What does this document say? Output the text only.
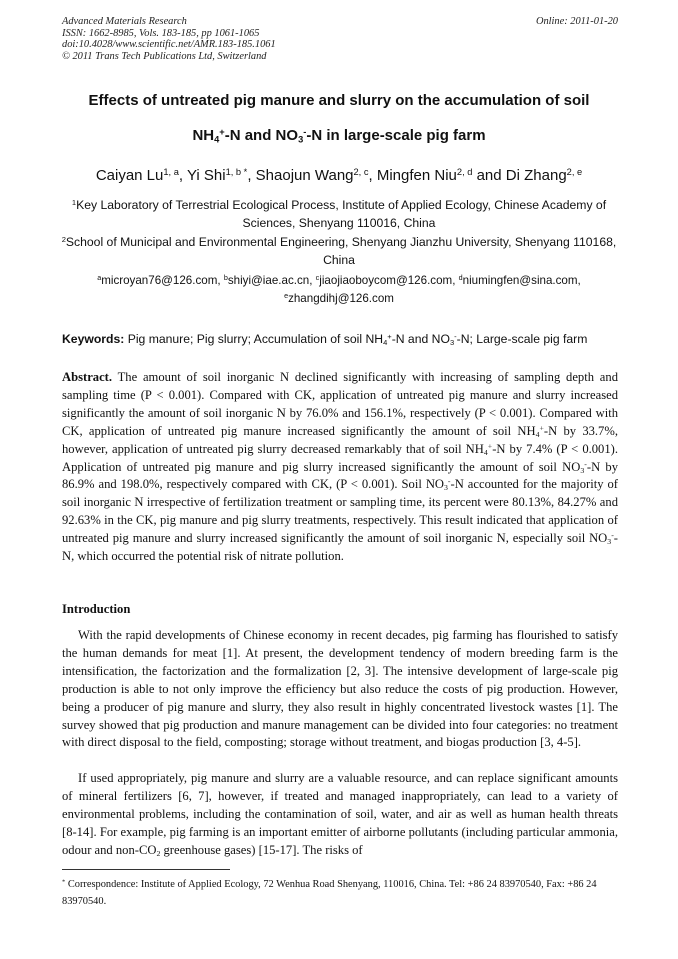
Advanced Materials Research
ISSN: 1662-8985, Vols. 183-185, pp 1061-1065
doi:10.4028/www.scientific.net/AMR.183-185.1061
© 2011 Trans Tech Publications Ltd, Switzerland
Online: 2011-01-20
Effects of untreated pig manure and slurry on the accumulation of soil
$NH_4^+-N$ and $NO_3^--N$ in large-scale pig farm
Caiyan Lu$^{1, a}$, Yi Shi$^{1, b *}$, Shaojun Wang$^{2, c}$, Mingfen Niu$^{2, d}$ and Di Zhang$^{2, e}$
$^1$Key Laboratory of Terrestrial Ecological Process, Institute of Applied Ecology, Chinese Academy of Sciences, Shenyang 110016, China
$^2$School of Municipal and Environmental Engineering, Shenyang Jianzhu University, Shenyang 110168, China
$^a$microyan76@126.com, $^b$shiyi@iae.ac.cn, $^c$jiaojiaoboycom@126.com, $^d$niumingfen@sina.com,
$^e$zhangdihj@126.com
Keywords: Pig manure; Pig slurry; Accumulation of soil $NH_4^+-N$ and $NO_3^--N$; Large-scale pig farm
Abstract. The amount of soil inorganic N declined significantly with increasing of sampling depth and sampling time (P < 0.001). Compared with CK, application of untreated pig manure and slurry increased significantly the amount of soil inorganic N by 76.0% and 156.1%, respectively (P < 0.001). Compared with CK, application of untreated pig manure increased significantly the amount of soil $NH_4^+-N$ by 33.7%, however, application of untreated pig slurry decreased remarkably that of soil $NH_4^+-N$ by 7.4% (P < 0.001). Application of untreated pig manure and pig slurry increased significantly the amount of soil $NO_3^--N$ by 86.9% and 198.0%, respectively compared with CK, (P < 0.001). Soil $NO_3^--N$ accounted for the majority of soil inorganic N irrespective of fertilization treatment or sampling time, its percent were 80.13%, 84.27% and 92.63% in the CK, pig manure and pig slurry treatments, respectively. This result indicated that application of untreated pig manure and slurry increased significantly the amount of soil inorganic N, especially soil $NO_3^--N$, which occurred the potential risk of nitrate pollution.
Introduction
With the rapid developments of Chinese economy in recent decades, pig farming has flourished to satisfy the human demands for meat [1]. At present, the development tendency of modern breeding farm is the intensification, the factorization and the formalization [2, 3]. The intensive development of large-scale pig production is able to not only improve the efficiency but also reduce the costs of pig production. However, being a producer of pig manure and slurry, they also result in highly concentrated livestock wastes [1]. The survey showed that pig production and manure management can be divided into four categories: no treatment with direct disposal to the field, composting; storage without treatment, and biogas production [3, 4-5].
If used appropriately, pig manure and slurry are a valuable resource, and can replace significant amounts of mineral fertilizers [6, 7], however, if treated and managed inappropriately, can lead to a variety of environmental problems, including the contamination of soil, water, and air as well as human health threats [8-14]. For example, pig farming is an important emitter of airborne pollutants (including particular ammonia, odour and non-$CO_2$ greenhouse gases) [15-17]. The risks of
* Correspondence: Institute of Applied Ecology, 72 Wenhua Road Shenyang, 110016, China. Tel: +86 24 83970540, Fax: +86 24 83970540.
